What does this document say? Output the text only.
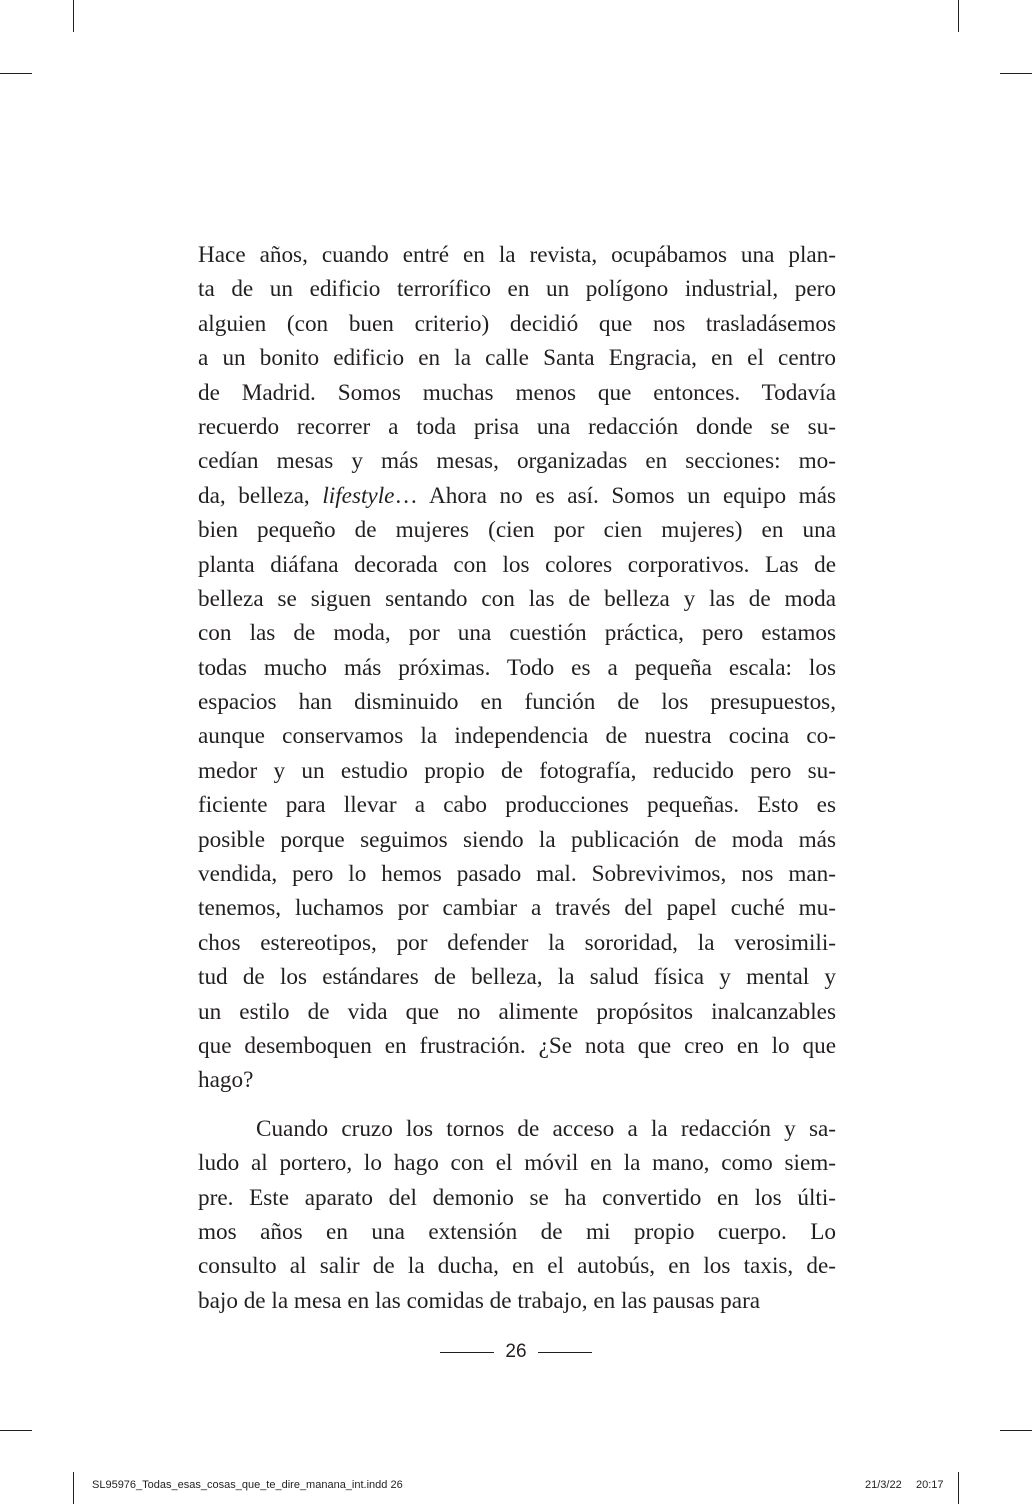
Hace años, cuando entré en la revista, ocupábamos una plan-
ta de un edificio terrorífico en un polígono industrial, pero
alguien (con buen criterio) decidió que nos trasladásemos
a un bonito edificio en la calle Santa Engracia, en el centro
de Madrid. Somos muchas menos que entonces. Todavía
recuerdo recorrer a toda prisa una redacción donde se su-
cedían mesas y más mesas, organizadas en secciones: mo-
da, belleza, lifestyle… Ahora no es así. Somos un equipo más
bien pequeño de mujeres (cien por cien mujeres) en una
planta diáfana decorada con los colores corporativos. Las de
belleza se siguen sentando con las de belleza y las de moda
con las de moda, por una cuestión práctica, pero estamos
todas mucho más próximas. Todo es a pequeña escala: los
espacios han disminuido en función de los presupuestos,
aunque conservamos la independencia de nuestra cocina co-
medor y un estudio propio de fotografía, reducido pero su-
ficiente para llevar a cabo producciones pequeñas. Esto es
posible porque seguimos siendo la publicación de moda más
vendida, pero lo hemos pasado mal. Sobrevivimos, nos man-
tenemos, luchamos por cambiar a través del papel cuché mu-
chos estereotipos, por defender la sororidad, la verosimili-
tud de los estándares de belleza, la salud física y mental y
un estilo de vida que no alimente propósitos inalcanzables
que desemboquen en frustración. ¿Se nota que creo en lo que
hago?
Cuando cruzo los tornos de acceso a la redacción y sa-
ludo al portero, lo hago con el móvil en la mano, como siem-
pre. Este aparato del demonio se ha convertido en los últi-
mos años en una extensión de mi propio cuerpo. Lo
consulto al salir de la ducha, en el autobús, en los taxis, de-
bajo de la mesa en las comidas de trabajo, en las pausas para
26
SL95976_Todas_esas_cosas_que_te_dire_manana_int.indd 26	21/3/22 20:17
